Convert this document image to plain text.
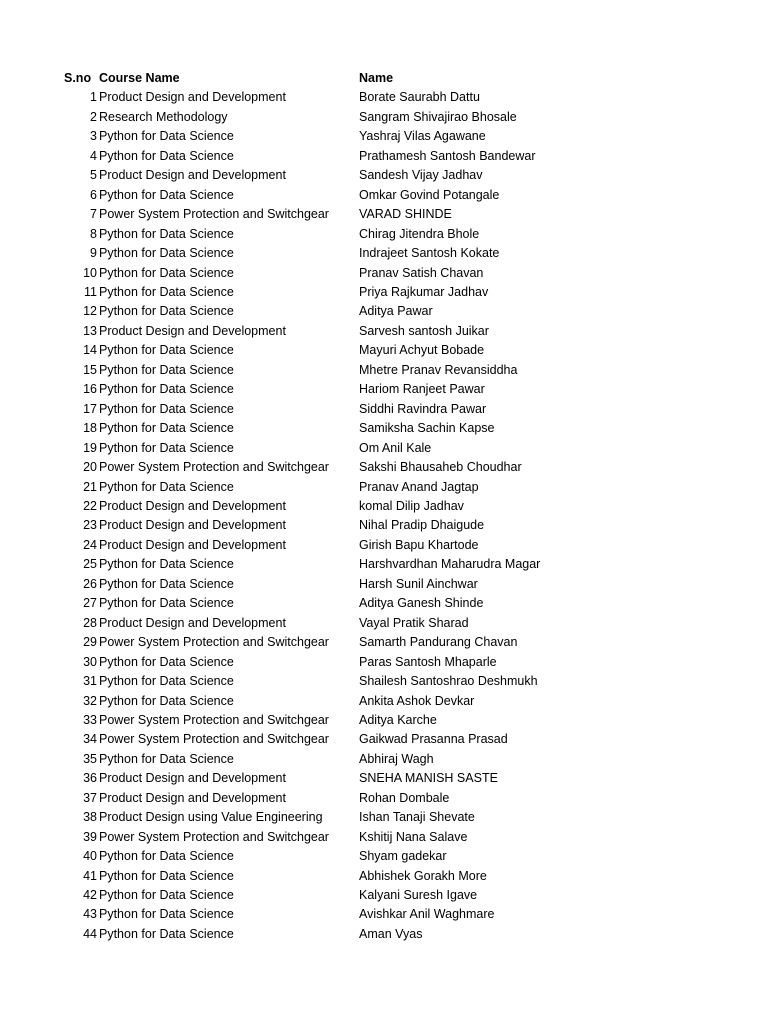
S.no	Course Name	Name
1	Product Design and Development	Borate Saurabh Dattu
2	Research Methodology	Sangram Shivajirao Bhosale
3	Python for Data Science	Yashraj Vilas Agawane
4	Python for Data Science	Prathamesh Santosh Bandewar
5	Product Design and Development	Sandesh Vijay Jadhav
6	Python for Data Science	Omkar Govind Potangale
7	Power System Protection and Switchgear	VARAD SHINDE
8	Python for Data Science	Chirag Jitendra Bhole
9	Python for Data Science	Indrajeet Santosh Kokate
10	Python for Data Science	Pranav Satish Chavan
11	Python for Data Science	Priya Rajkumar Jadhav
12	Python for Data Science	Aditya Pawar
13	Product Design and Development	Sarvesh santosh Juikar
14	Python for Data Science	Mayuri Achyut Bobade
15	Python for Data Science	Mhetre Pranav Revansiddha
16	Python for Data Science	Hariom Ranjeet Pawar
17	Python for Data Science	Siddhi Ravindra Pawar
18	Python for Data Science	Samiksha Sachin Kapse
19	Python for Data Science	Om Anil Kale
20	Power System Protection and Switchgear	Sakshi Bhausaheb Choudhar
21	Python for Data Science	Pranav Anand Jagtap
22	Product Design and Development	komal Dilip Jadhav
23	Product Design and Development	Nihal Pradip Dhaigude
24	Product Design and Development	Girish Bapu Khartode
25	Python for Data Science	Harshvardhan Maharudra Magar
26	Python for Data Science	Harsh Sunil Ainchwar
27	Python for Data Science	Aditya Ganesh Shinde
28	Product Design and Development	Vayal Pratik Sharad
29	Power System Protection and Switchgear	Samarth Pandurang Chavan
30	Python for Data Science	Paras Santosh Mhaparle
31	Python for Data Science	Shailesh Santoshrao Deshmukh
32	Python for Data Science	Ankita Ashok Devkar
33	Power System Protection and Switchgear	Aditya Karche
34	Power System Protection and Switchgear	Gaikwad Prasanna Prasad
35	Python for Data Science	Abhiraj Wagh
36	Product Design and Development	SNEHA MANISH SASTE
37	Product Design and Development	Rohan Dombale
38	Product Design using Value Engineering	Ishan Tanaji Shevate
39	Power System Protection and Switchgear	Kshitij Nana Salave
40	Python for Data Science	Shyam gadekar
41	Python for Data Science	Abhishek Gorakh More
42	Python for Data Science	Kalyani Suresh Igave
43	Python for Data Science	Avishkar Anil Waghmare
44	Python for Data Science	Aman Vyas
